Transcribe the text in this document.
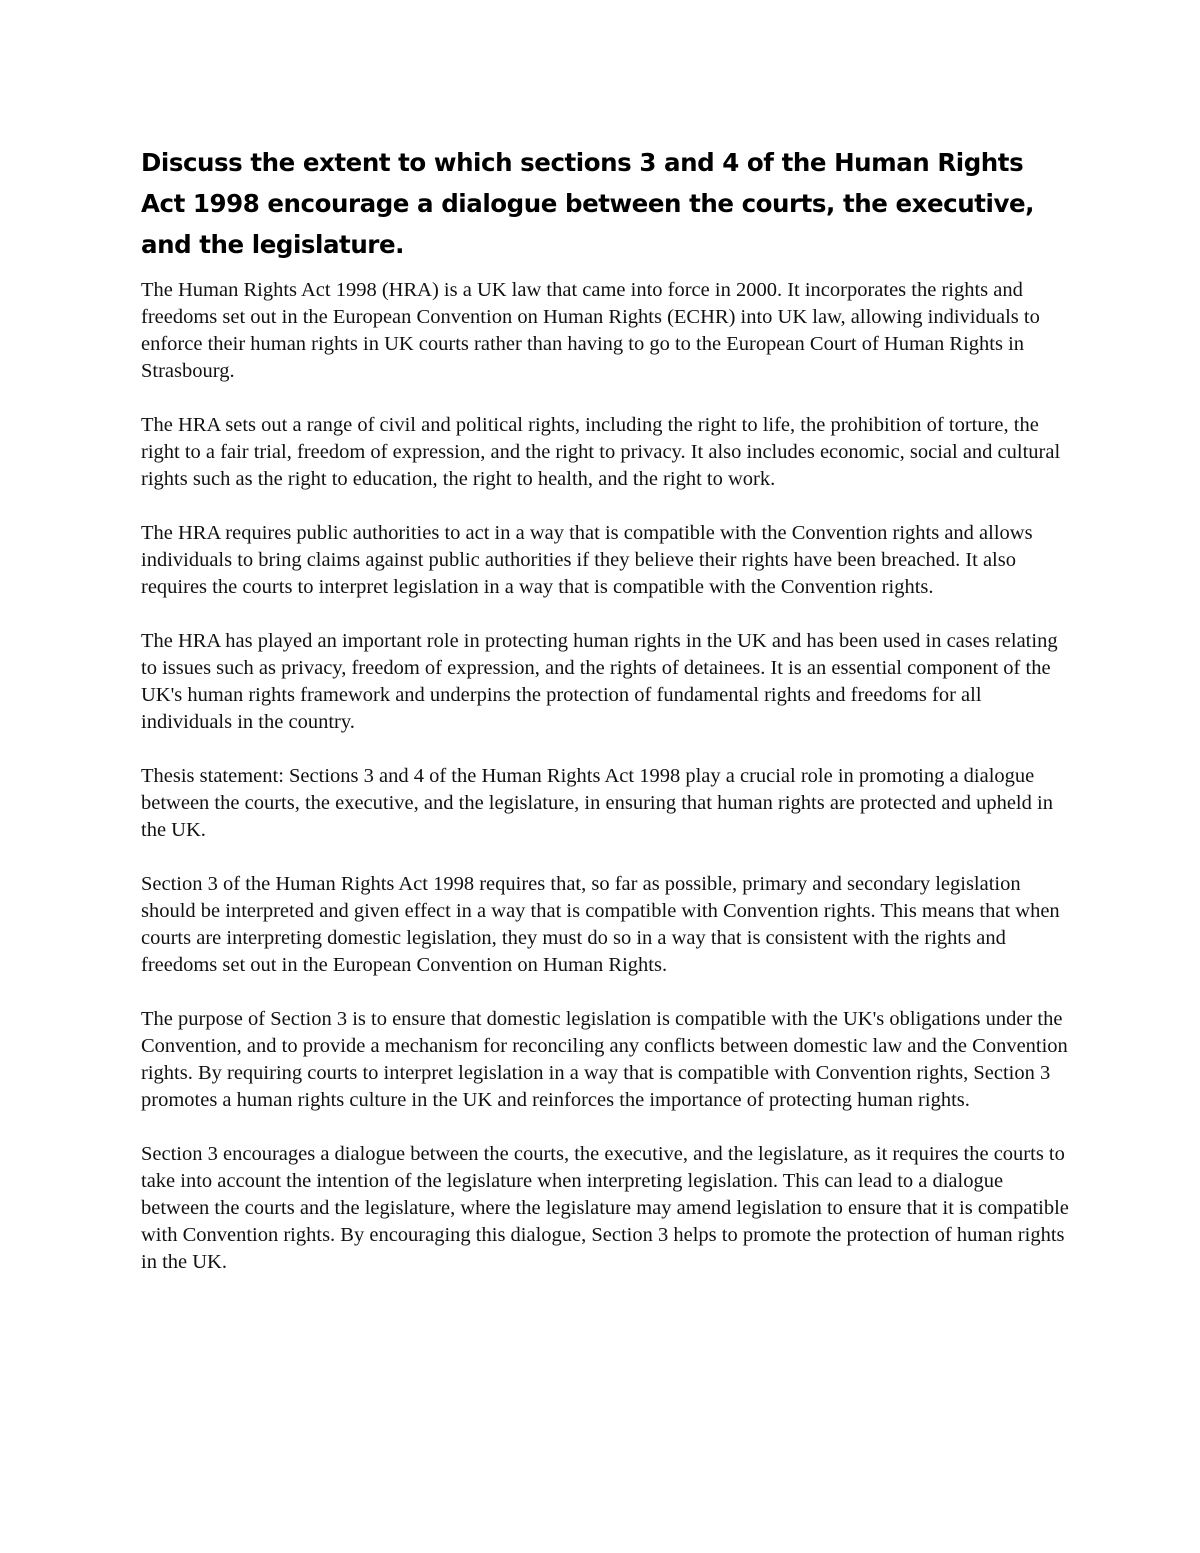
Discuss the extent to which sections 3 and 4 of the Human Rights Act 1998 encourage a dialogue between the courts, the executive, and the legislature.

The Human Rights Act 1998 (HRA) is a UK law that came into force in 2000. It incorporates the rights and freedoms set out in the European Convention on Human Rights (ECHR) into UK law, allowing individuals to enforce their human rights in UK courts rather than having to go to the European Court of Human Rights in Strasbourg.

The HRA sets out a range of civil and political rights, including the right to life, the prohibition of torture, the right to a fair trial, freedom of expression, and the right to privacy. It also includes economic, social and cultural rights such as the right to education, the right to health, and the right to work.

The HRA requires public authorities to act in a way that is compatible with the Convention rights and allows individuals to bring claims against public authorities if they believe their rights have been breached. It also requires the courts to interpret legislation in a way that is compatible with the Convention rights.

The HRA has played an important role in protecting human rights in the UK and has been used in cases relating to issues such as privacy, freedom of expression, and the rights of detainees. It is an essential component of the UK's human rights framework and underpins the protection of fundamental rights and freedoms for all individuals in the country.

Thesis statement: Sections 3 and 4 of the Human Rights Act 1998 play a crucial role in promoting a dialogue between the courts, the executive, and the legislature, in ensuring that human rights are protected and upheld in the UK.

Section 3 of the Human Rights Act 1998 requires that, so far as possible, primary and secondary legislation should be interpreted and given effect in a way that is compatible with Convention rights. This means that when courts are interpreting domestic legislation, they must do so in a way that is consistent with the rights and freedoms set out in the European Convention on Human Rights.

The purpose of Section 3 is to ensure that domestic legislation is compatible with the UK's obligations under the Convention, and to provide a mechanism for reconciling any conflicts between domestic law and the Convention rights. By requiring courts to interpret legislation in a way that is compatible with Convention rights, Section 3 promotes a human rights culture in the UK and reinforces the importance of protecting human rights.

Section 3 encourages a dialogue between the courts, the executive, and the legislature, as it requires the courts to take into account the intention of the legislature when interpreting legislation. This can lead to a dialogue between the courts and the legislature, where the legislature may amend legislation to ensure that it is compatible with Convention rights. By encouraging this dialogue, Section 3 helps to promote the protection of human rights in the UK.
